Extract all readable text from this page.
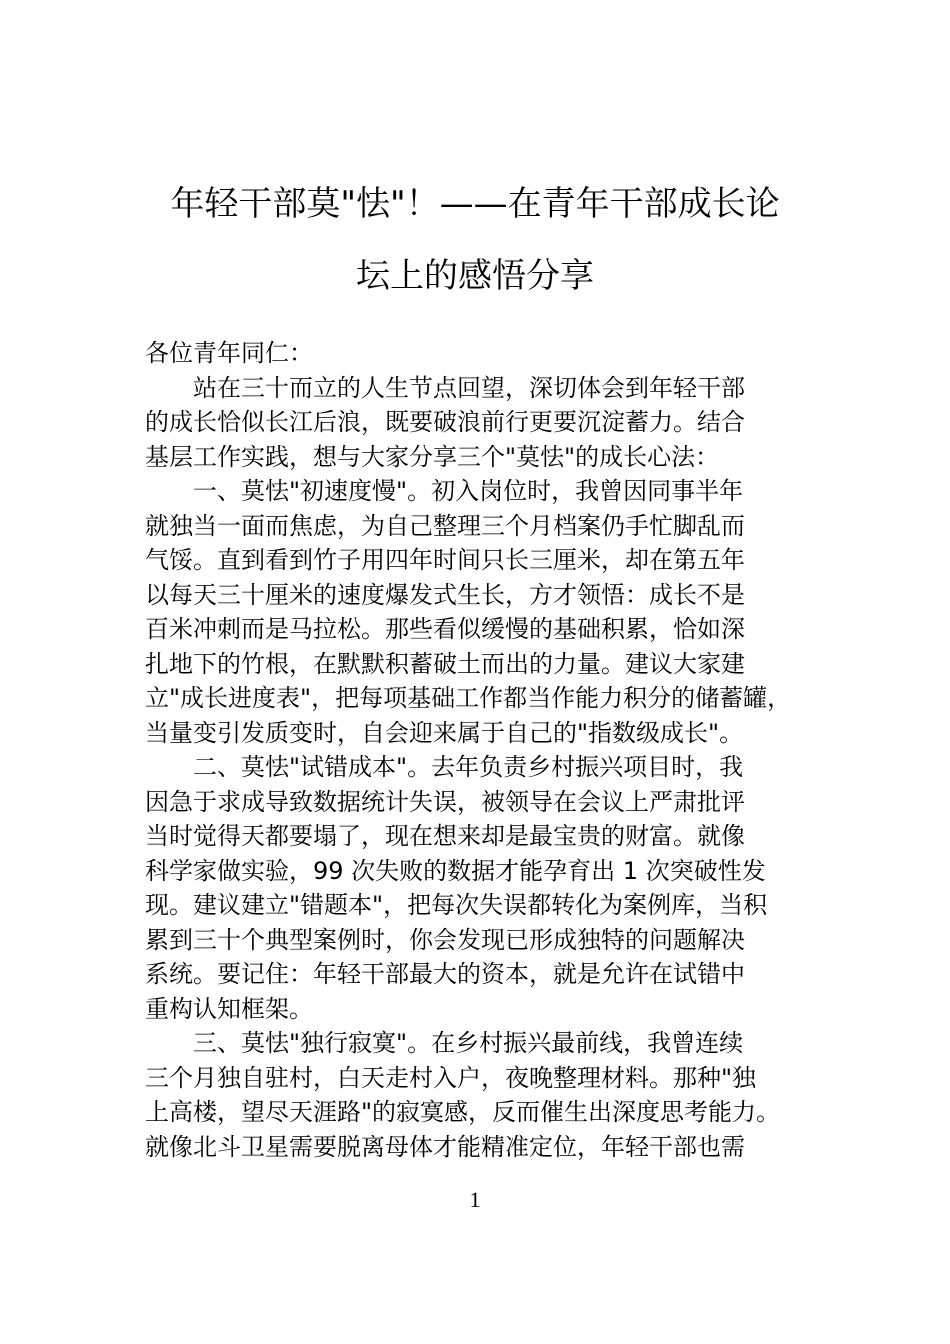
年轻干部莫"怯"！——在青年干部成长论
坛上的感悟分享
各位青年同仁：
站在三十而立的人生节点回望，深切体会到年轻干部
的成长恰似长江后浪，既要破浪前行更要沉淀蓄力。结合
基层工作实践，想与大家分享三个"莫怯"的成长心法：
一、莫怯"初速度慢"。初入岗位时，我曾因同事半年
就独当一面而焦虑，为自己整理三个月档案仍手忙脚乱而
气馁。直到看到竹子用四年时间只长三厘米，却在第五年
以每天三十厘米的速度爆发式生长，方才领悟：成长不是
百米冲刺而是马拉松。那些看似缓慢的基础积累，恰如深
扎地下的竹根，在默默积蓄破土而出的力量。建议大家建
立"成长进度表"，把每项基础工作都当作能力积分的储蓄罐，
当量变引发质变时，自会迎来属于自己的"指数级成长"。
二、莫怯"试错成本"。去年负责乡村振兴项目时，我
因急于求成导致数据统计失误，被领导在会议上严肃批评
当时觉得天都要塌了，现在想来却是最宝贵的财富。就像
科学家做实验，99 次失败的数据才能孕育出 1 次突破性发
现。建议建立"错题本"，把每次失误都转化为案例库，当积
累到三十个典型案例时，你会发现已形成独特的问题解决
系统。要记住：年轻干部最大的资本，就是允许在试错中
重构认知框架。
三、莫怯"独行寂寞"。在乡村振兴最前线，我曾连续
三个月独自驻村，白天走村入户，夜晚整理材料。那种"独
上高楼，望尽天涯路"的寂寞感，反而催生出深度思考能力。
就像北斗卫星需要脱离母体才能精准定位，年轻干部也需
1
